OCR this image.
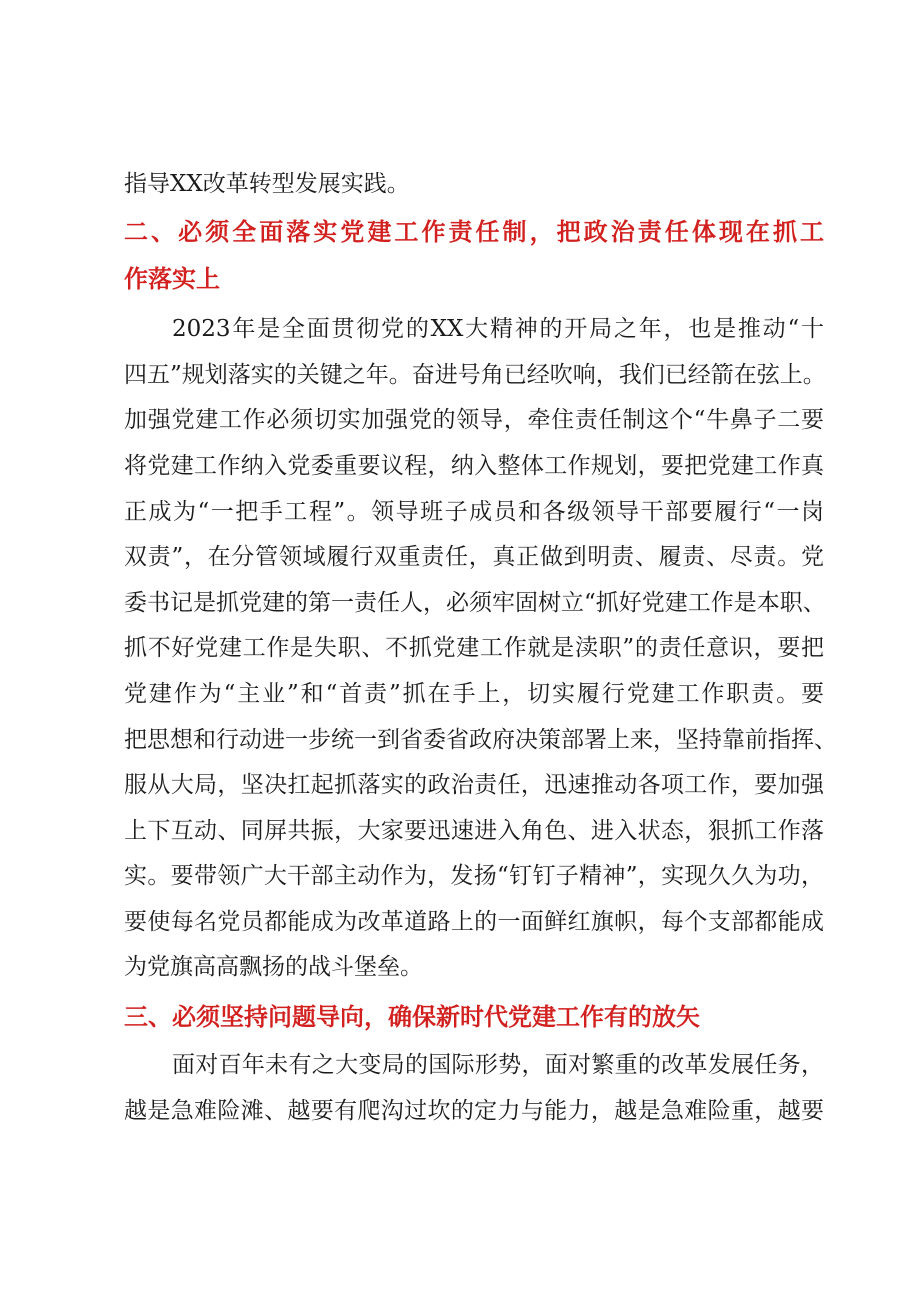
指导XX改革转型发展实践。
二、必须全面落实党建工作责任制，把政治责任体现在抓工
作落实上
2023年是全面贯彻党的XX大精神的开局之年，也是推动“十
四五”规划落实的关键之年。奋进号角已经吹响，我们已经箭在弦上。
加强党建工作必须切实加强党的领导，牵住责任制这个“牛鼻子二要
将党建工作纳入党委重要议程，纳入整体工作规划，要把党建工作真
正成为“一把手工程”。领导班子成员和各级领导干部要履行“一岗
双责”，在分管领域履行双重责任，真正做到明责、履责、尽责。党
委书记是抓党建的第一责任人，必须牢固树立“抓好党建工作是本职、
抓不好党建工作是失职、不抓党建工作就是渎职”的责任意识，要把
党建作为“主业”和“首责”抓在手上，切实履行党建工作职责。要
把思想和行动进一步统一到省委省政府决策部署上来，坚持靠前指挥、
服从大局，坚决扛起抓落实的政治责任，迅速推动各项工作，要加强
上下互动、同屏共振，大家要迅速进入角色、进入状态，狠抓工作落
实。要带领广大干部主动作为，发扬“钉钉子精神”，实现久久为功，
要使每名党员都能成为改革道路上的一面鲜红旗帜，每个支部都能成
为党旗高高飘扬的战斗堡垒。
三、必须坚持问题导向，确保新时代党建工作有的放矢
面对百年未有之大变局的国际形势，面对繁重的改革发展任务，
越是急难险滩、越要有爬沟过坎的定力与能力，越是急难险重，越要
